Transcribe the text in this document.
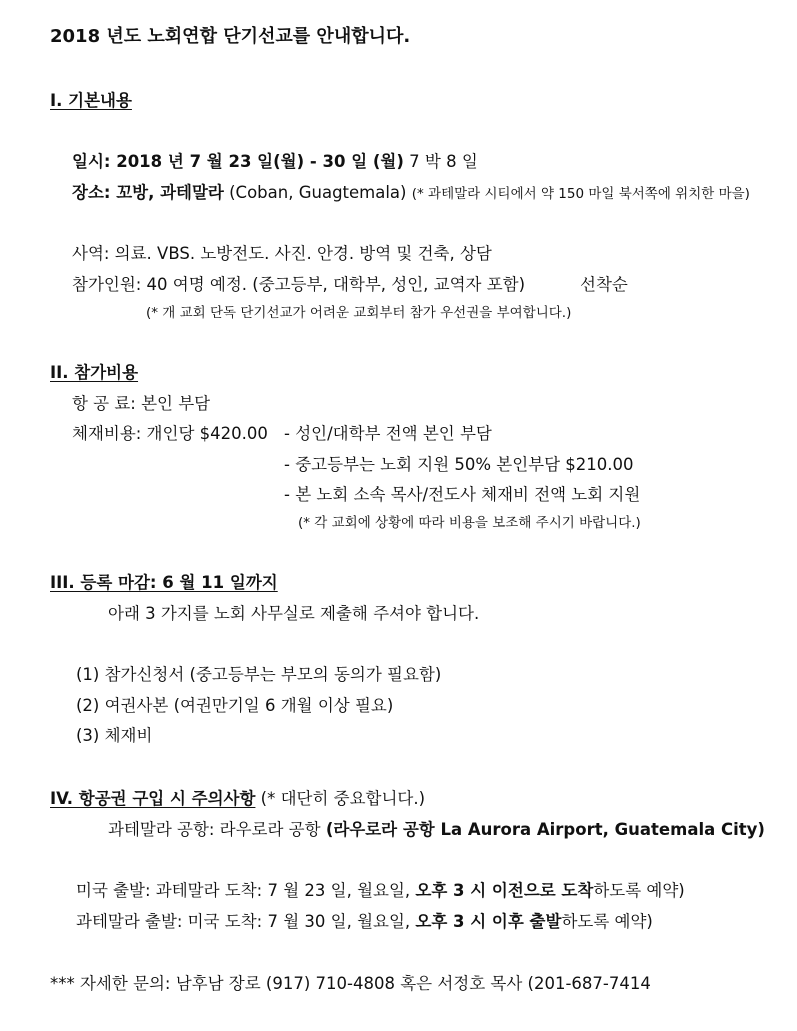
2018 년도 노회연합 단기선교를 안내합니다.
I. 기본내용
일시: 2018 년 7 월 23 일(월) - 30 일 (월) 7 박 8 일
장소: 꼬방, 과테말라 (Coban, Guagtemala) (* 과테말라 시티에서 약 150 마일 북서쪽에 위치한 마을)
사역: 의료. VBS. 노방전도. 사진. 안경. 방역 및 건축, 상담
참가인원: 40 여명 예정. (중고등부, 대학부, 성인, 교역자 포함)	선착순
(* 개 교회 단독 단기선교가 어려운 교회부터 참가 우선권을 부여합니다.)
II. 참가비용
항 공 료: 본인 부담
체재비용: 개인당 $420.00 - 성인/대학부 전액 본인 부담
- 중고등부는 노회 지원 50% 본인부담 $210.00
- 본 노회 소속 목사/전도사 체재비 전액 노회 지원
(* 각 교회에 상황에 따라 비용을 보조해 주시기 바랍니다.)
III. 등록 마감: 6 월 11 일까지
아래 3 가지를 노회 사무실로 제출해 주셔야 합니다.
(1) 참가신청서 (중고등부는 부모의 동의가 필요함)
(2) 여권사본 (여권만기일 6 개월 이상 필요)
(3) 체재비
IV. 항공권 구입 시 주의사항 (* 대단히 중요합니다.)
과테말라 공항: 라우로라 공항 (라우로라 공항 La Aurora Airport, Guatemala City)
미국 출발: 과테말라 도착: 7 월 23 일, 월요일, 오후 3 시 이전으로 도착하도록 예약)
과테말라 출발: 미국 도착: 7 월 30 일, 월요일, 오후 3 시 이후 출발하도록 예약)
*** 자세한 문의: 남후남 장로 (917) 710-4808 혹은 서정호 목사 (201-687-7414
